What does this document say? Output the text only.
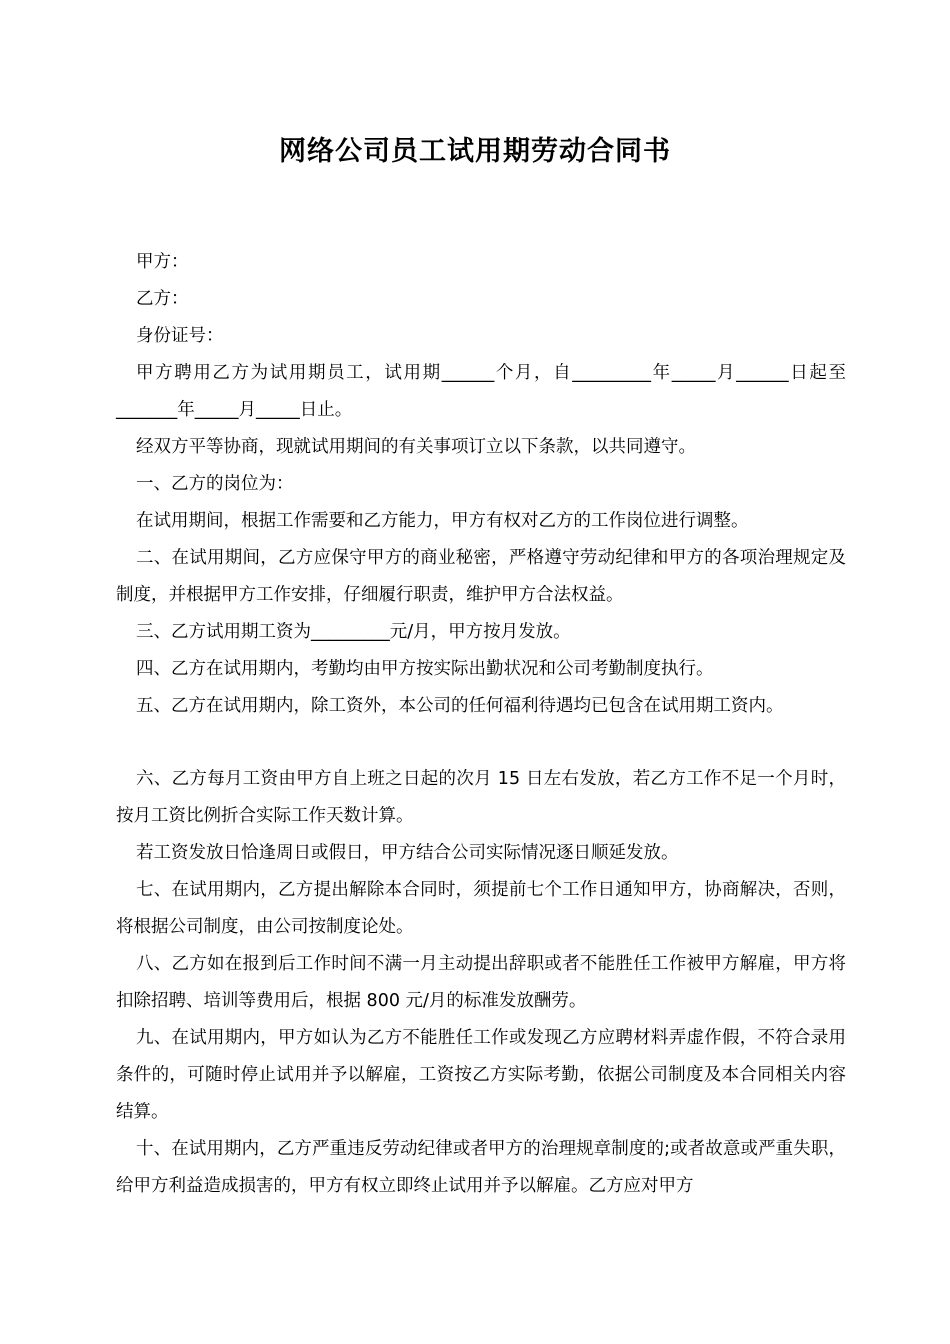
网络公司员工试用期劳动合同书

甲方：

乙方：

身份证号：

甲方聘用乙方为试用期员工，试用期______个月，自_________年_____月______日起至_______年_____月_____日止。

经双方平等协商，现就试用期间的有关事项订立以下条款，以共同遵守。

一、乙方的岗位为：

在试用期间，根据工作需要和乙方能力，甲方有权对乙方的工作岗位进行调整。

二、在试用期间，乙方应保守甲方的商业秘密，严格遵守劳动纪律和甲方的各项治理规定及制度，并根据甲方工作安排，仔细履行职责，维护甲方合法权益。

三、乙方试用期工资为_________元/月，甲方按月发放。

四、乙方在试用期内，考勤均由甲方按实际出勤状况和公司考勤制度执行。

五、乙方在试用期内，除工资外，本公司的任何福利待遇均已包含在试用期工资内。

六、乙方每月工资由甲方自上班之日起的次月 15 日左右发放，若乙方工作不足一个月时，按月工资比例折合实际工作天数计算。

若工资发放日恰逢周日或假日，甲方结合公司实际情况逐日顺延发放。

七、在试用期内，乙方提出解除本合同时，须提前七个工作日通知甲方，协商解决，否则，将根据公司制度，由公司按制度论处。

八、乙方如在报到后工作时间不满一月主动提出辞职或者不能胜任工作被甲方解雇，甲方将扣除招聘、培训等费用后，根据 800 元/月的标准发放酬劳。

九、在试用期内，甲方如认为乙方不能胜任工作或发现乙方应聘材料弄虚作假，不符合录用条件的，可随时停止试用并予以解雇，工资按乙方实际考勤，依据公司制度及本合同相关内容结算。

十、在试用期内，乙方严重违反劳动纪律或者甲方的治理规章制度的;或者故意或严重失职，给甲方利益造成损害的，甲方有权立即终止试用并予以解雇。乙方应对甲方
